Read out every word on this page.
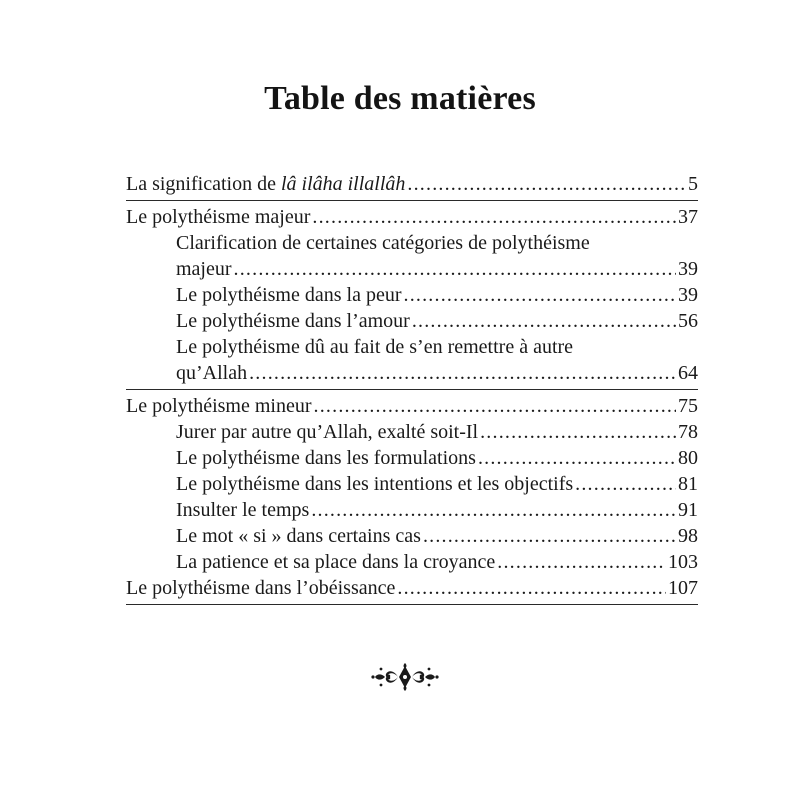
Table des matières
La signification de lâ ilâha illallâh .....	5
Le polythéisme majeur .....	37
Clarification de certaines catégories de polythéisme
majeur .....	39
Le polythéisme dans la peur .....	39
Le polythéisme dans l’amour .....	56
Le polythéisme dû au fait de s’en remettre à autre
qu’Allah .....	64
Le polythéisme mineur .....	75
Jurer par autre qu’Allah, exalté soit-Il .....	78
Le polythéisme dans les formulations .....	80
Le polythéisme dans les intentions et les objectifs .....	81
Insulter le temps .....	91
Le mot « si » dans certains cas .....	98
La patience et sa place dans la croyance .....	103
Le polythéisme dans l’obéissance .....	107
